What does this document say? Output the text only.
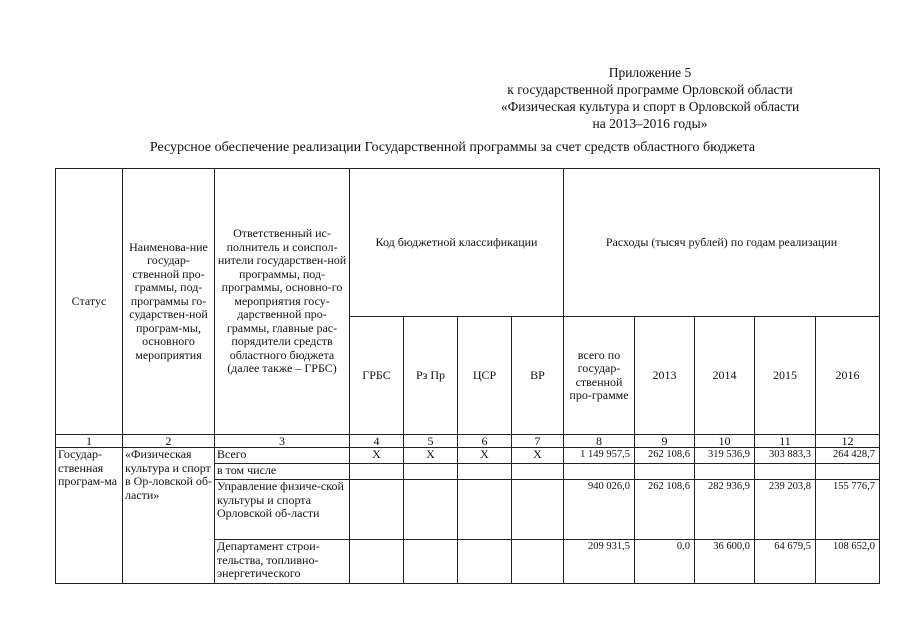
Приложение 5
к государственной программе Орловской области
«Физическая культура и спорт в Орловской области
на 2013–2016 годы»
Ресурсное обеспечение реализации Государственной программы за счет средств областного бюджета
Статус	Наименова-ние государ-ственной про-граммы, под-программы го-сударствен-ной програм-мы, основного мероприятия	Ответственный ис-полнитель и соиспол-нители государствен-ной программы, под-программы, основно-го мероприятия госу-дарственной про-граммы, главные рас-порядители средств областного бюджета (далее также – ГРБС)	Код бюджетной классификации				Расходы (тысяч рублей) по годам реализации				
			ГРБС	Рз Пр	ЦСР	ВР	всего по государ-ственной про-грамме	2013	2014	2015	2016
1	2	3	4	5	6	7	8	9	10	11	12
Государ-ственная програм-ма	«Физическая культура и спорт в Ор-ловской об-ласти»	Всего	Х	Х	Х	Х	1 149 957,5	262 108,6	319 536,9	303 883,3	264 428,7
		в том числе									
		Управление физиче-ской культуры и спорта Орловской об-ласти					940 026,0	262 108,6	282 936,9	239 203,8	155 776,7
		Департамент строи-тельства, топливно-энергетического					209 931,5	0,0	36 600,0	64 679,5	108 652,0
